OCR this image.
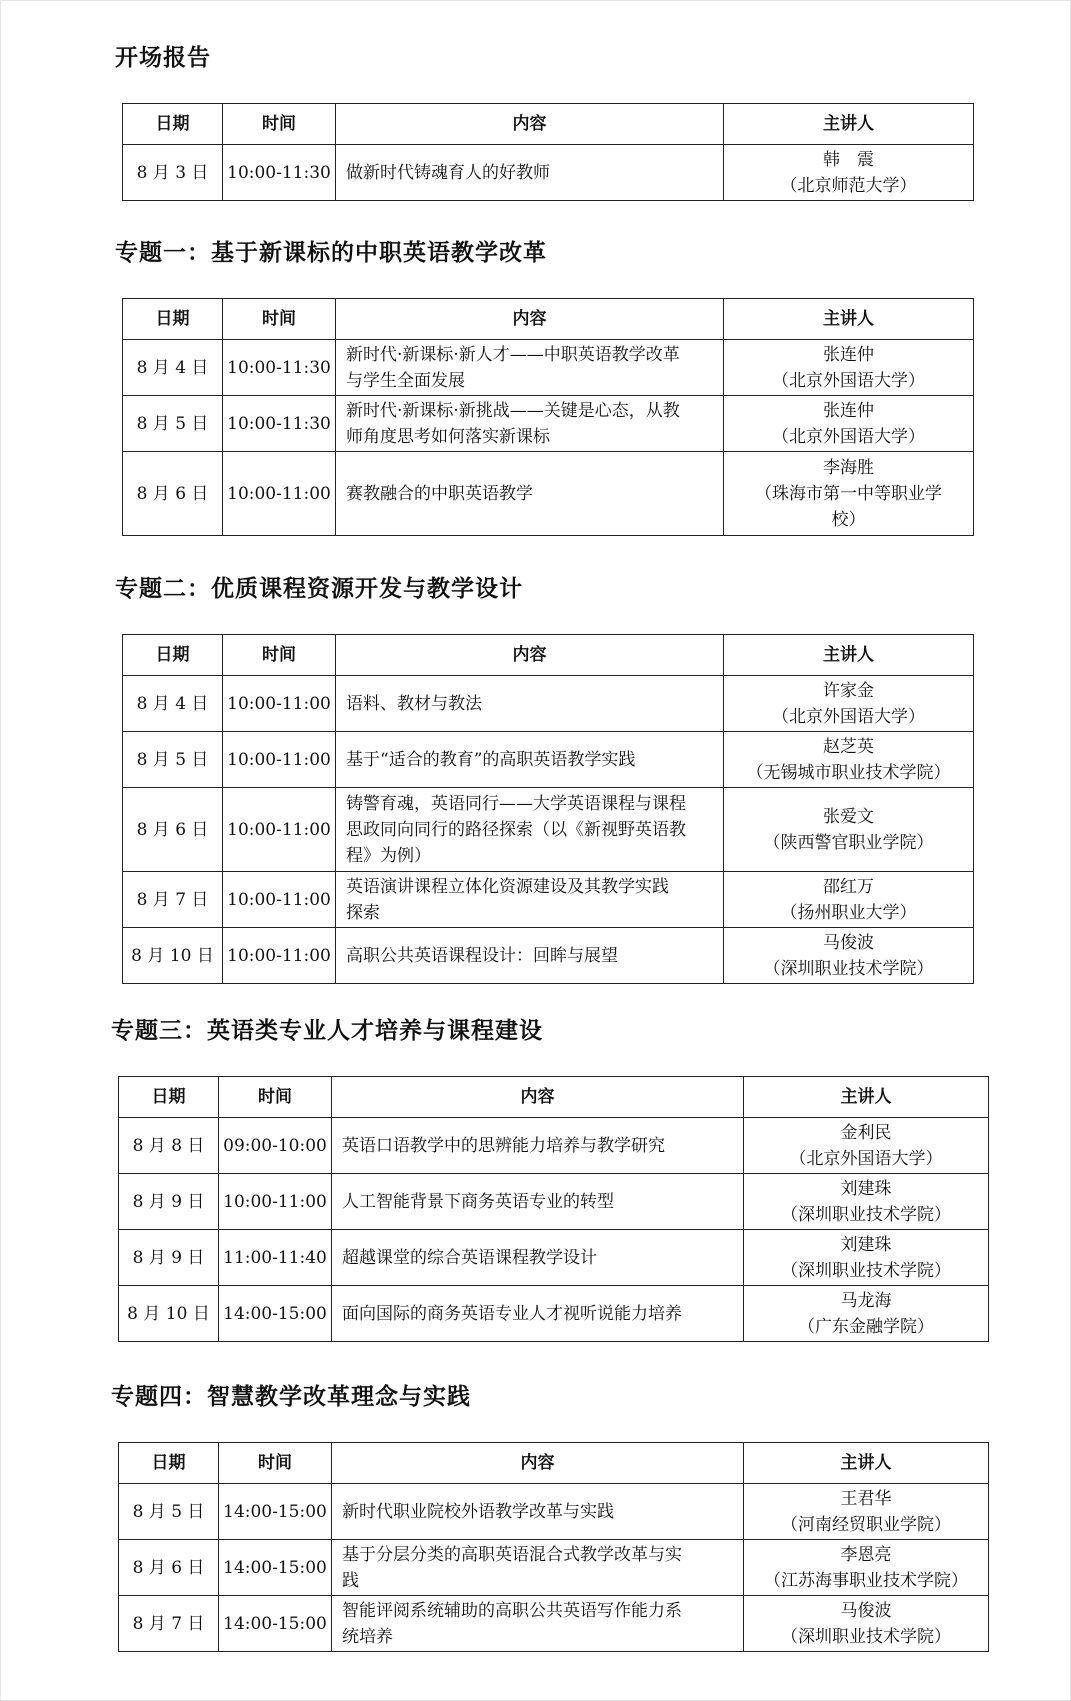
开场报告
日期	时间	内容	主讲人
8 月 3 日	10:00-11:30	做新时代铸魂育人的好教师	韩　震
（北京师范大学）
专题一：基于新课标的中职英语教学改革
日期	时间	内容	主讲人
8 月 4 日	10:00-11:30	新时代·新课标·新人才——中职英语教学改革
与学生全面发展	张连仲
（北京外国语大学）

8 月 5 日	10:00-11:30	新时代·新课标·新挑战——关键是心态，从教
师角度思考如何落实新课标	张连仲
（北京外国语大学）

8 月 6 日	10:00-11:00	赛教融合的中职英语教学	李海胜
（珠海市第一中等职业学
校）
专题二：优质课程资源开发与教学设计
日期	时间	内容	主讲人
8 月 4 日	10:00-11:00	语料、教材与教法	许家金
（北京外国语大学）

8 月 5 日	10:00-11:00	基于“适合的教育”的高职英语教学实践	赵芝英
（无锡城市职业技术学院）

8 月 6 日	10:00-11:00	铸警育魂，英语同行——大学英语课程与课程
思政同向同行的路径探索（以《新视野英语教
程》为例）	张爱文
（陕西警官职业学院）

8 月 7 日	10:00-11:00	英语演讲课程立体化资源建设及其教学实践
探索	邵红万
（扬州职业大学）

8 月 10 日	10:00-11:00	高职公共英语课程设计：回眸与展望	马俊波
（深圳职业技术学院）
专题三：英语类专业人才培养与课程建设
日期	时间	内容	主讲人
8 月 8 日	09:00-10:00	英语口语教学中的思辨能力培养与教学研究	金利民
（北京外国语大学）

8 月 9 日	10:00-11:00	人工智能背景下商务英语专业的转型	刘建珠
（深圳职业技术学院）

8 月 9 日	11:00-11:40	超越课堂的综合英语课程教学设计	刘建珠
（深圳职业技术学院）

8 月 10 日	14:00-15:00	面向国际的商务英语专业人才视听说能力培养	马龙海
（广东金融学院）
专题四：智慧教学改革理念与实践
日期	时间	内容	主讲人
8 月 5 日	14:00-15:00	新时代职业院校外语教学改革与实践	王君华
（河南经贸职业学院）

8 月 6 日	14:00-15:00	基于分层分类的高职英语混合式教学改革与实
践	李恩亮
（江苏海事职业技术学院）

8 月 7 日	14:00-15:00	智能评阅系统辅助的高职公共英语写作能力系
统培养	马俊波
（深圳职业技术学院）
